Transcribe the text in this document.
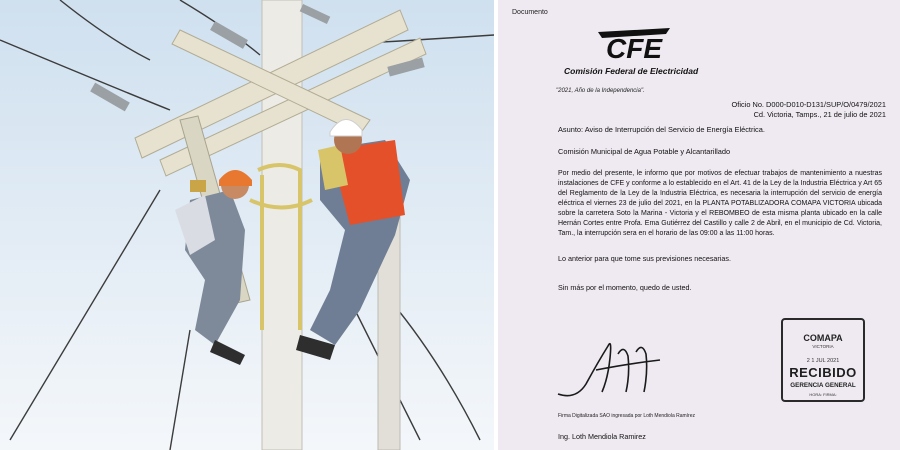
Documento
CFE
Comisión Federal de Electricidad
"2021, Año de la Independencia".
Oficio No. D000-D010-D131/SUP/O/0479/2021
Cd. Victoria, Tamps., 21 de julio de 2021
Asunto: Aviso de Interrupción del Servicio de Energía Eléctrica.
Comisión Municipal de Agua Potable y Alcantarillado
Por medio del presente, le informo que por motivos de efectuar trabajos de mantenimiento a nuestras instalaciones de CFE y conforme a lo establecido en el Art. 41 de la Ley de la Industria Eléctrica y Art 65 del Reglamento de la Ley de la Industria Eléctrica, es necesaria la interrupción del servicio de energía eléctrica el viernes 23 de julio del 2021, en la PLANTA POTABLIZADORA COMAPA VICTORIA ubicada sobre la carretera Soto la Marina - Victoria y el REBOMBEO de esta misma planta ubicado en la calle Hernán Cortes entre Profa. Ema Gutiérrez del Castillo y calle 2 de Abril, en el municipio de Cd. Victoria, Tam., la interrupción sera en el horario de las 09:00 a las 11:00 horas.
Lo anterior para que tome sus previsiones necesarias.
Sin más por el momento, quedo de usted.
Firma Digitalizada SAO ingresada por Loth Mendiola Ramírez
Ing. Loth Mendiola Ramirez
COMAPA
VICTORIA
2 1 JUL 2021
RECIBIDO
GERENCIA GENERAL
HORA: FIRMA:
